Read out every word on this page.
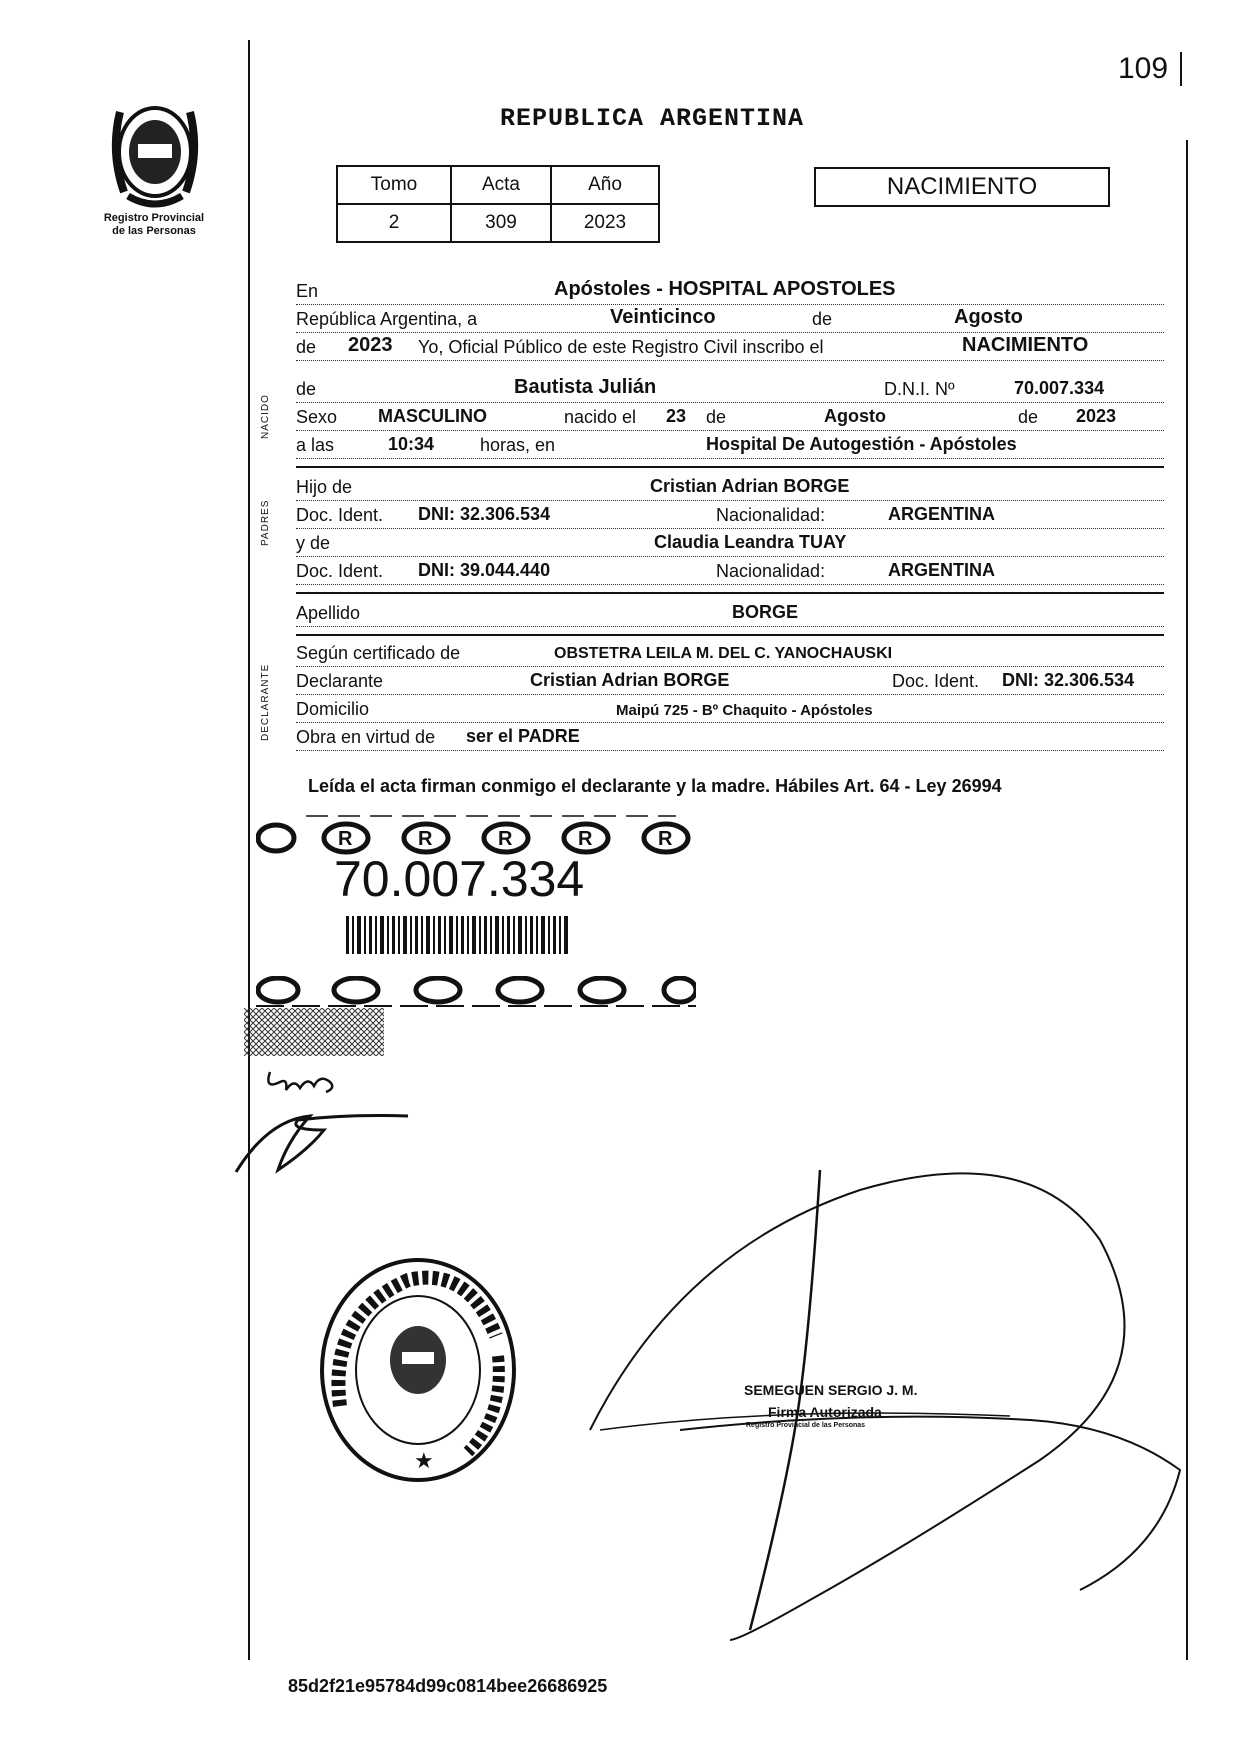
109
Registro Provincial
de las Personas
REPUBLICA ARGENTINA
Tomo	Acta	Año
2	309	2023
NACIMIENTO
En	Apóstoles - HOSPITAL APOSTOLES
República Argentina, a	Veinticinco	de	Agosto
de 2023 Yo, Oficial Público de este Registro Civil inscribo el	NACIMIENTO
NACIDO
de	Bautista Julián	D.N.I. Nº	70.007.334
Sexo MASCULINO	nacido el 23 de	Agosto	de 2023
a las	10:34	horas, en	Hospital De Autogestión - Apóstoles
PADRES
Hijo de	Cristian Adrian BORGE
Doc. Ident. DNI: 32.306.534	Nacionalidad:	ARGENTINA
y de	Claudia Leandra TUAY
Doc. Ident. DNI: 39.044.440	Nacionalidad:	ARGENTINA
Apellido	BORGE
DECLARANTE
Según certificado de	OBSTETRA LEILA M. DEL C. YANOCHAUSKI
Declarante	Cristian Adrian BORGE	Doc. Ident. DNI: 32.306.534
Domicilio	Maipú 725 - Bº Chaquito - Apóstoles
Obra en virtud de ser el PADRE
Leída el acta firman conmigo el declarante y la madre. Hábiles Art. 64 - Ley 26994
R	R	R	R	R
70.007.334
★
SEMEGUEN SERGIO J. M.
Firma Autorizada
Registro Provincial de las Personas
85d2f21e95784d99c0814bee26686925
